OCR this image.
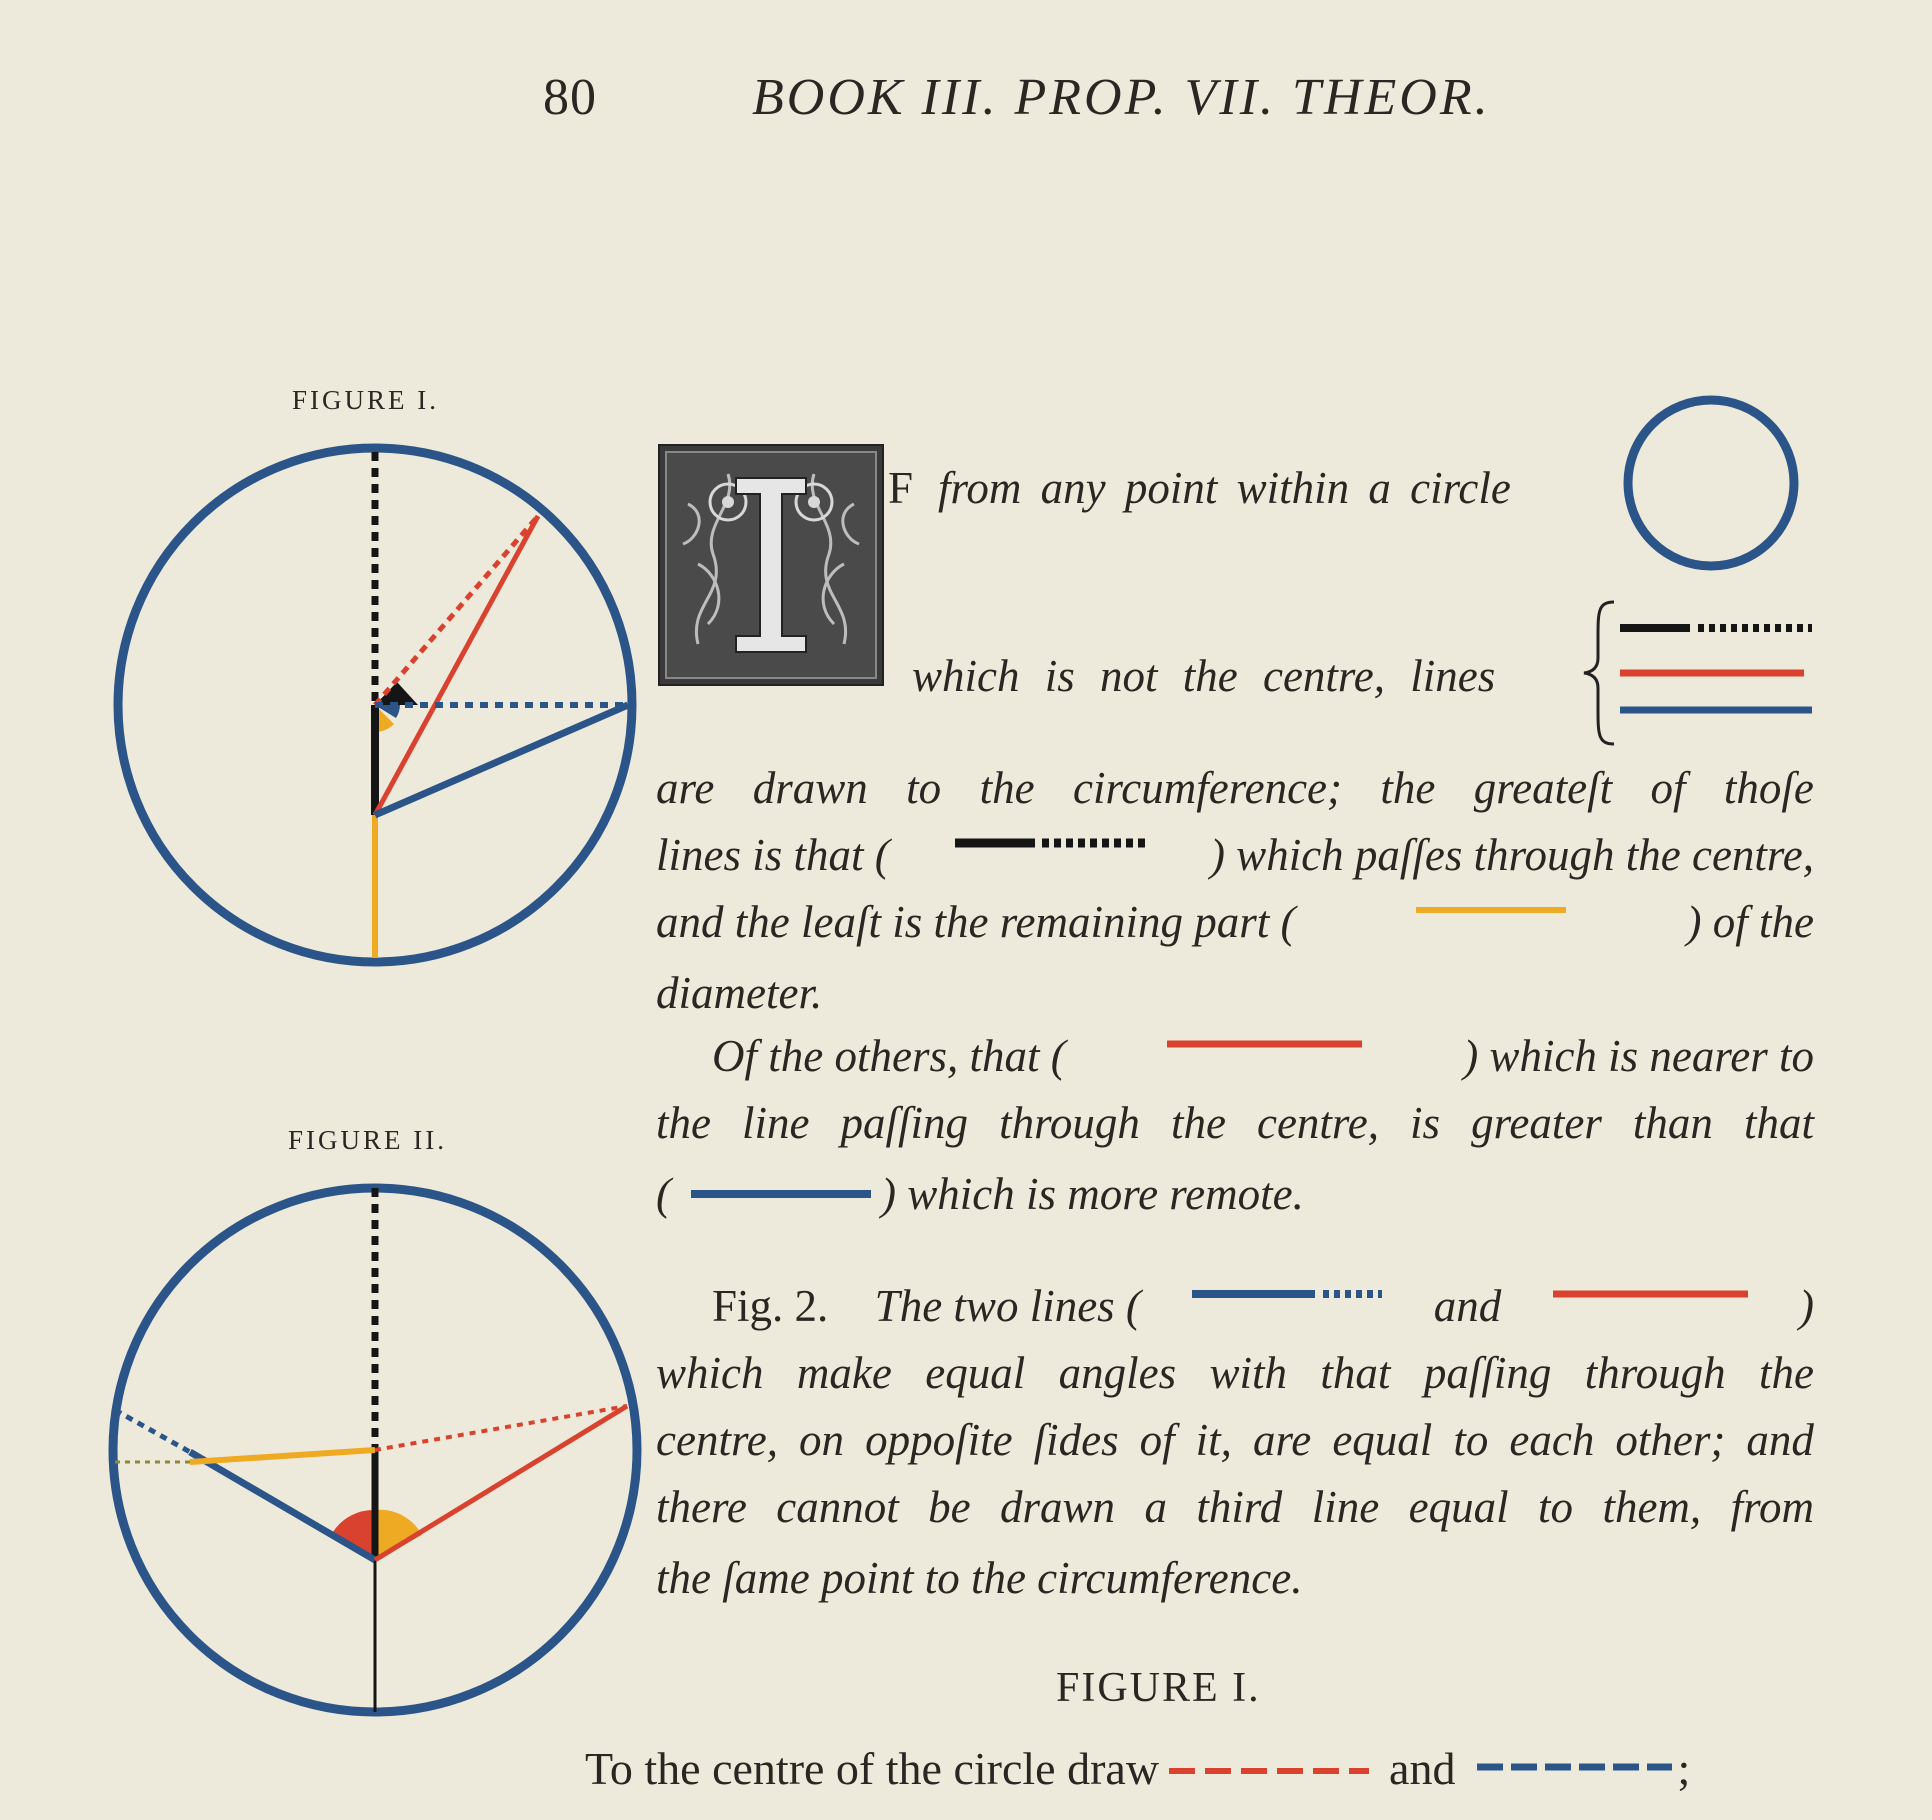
80	BOOK III. PROP. VII. THEOR.
FIGURE I.
FIGURE II.
F from any point within a circle
which is not the centre, lines
are drawn to the circumference; the greateſt of thoſe
lines is that (	) which paſſes through the centre,
and the leaſt is the remaining part (	) of the
diameter.
Of the others, that (	) which is nearer to
the line paſſing through the centre, is greater than that
(	) which is more remote.
Fig. 2. The two lines (	and	)
which make equal angles with that paſſing through the
centre, on oppoſite ſides of it, are equal to each other; and
there cannot be drawn a third line equal to them, from
the ſame point to the circumference.
FIGURE I.
To the centre of the circle draw	and	;
